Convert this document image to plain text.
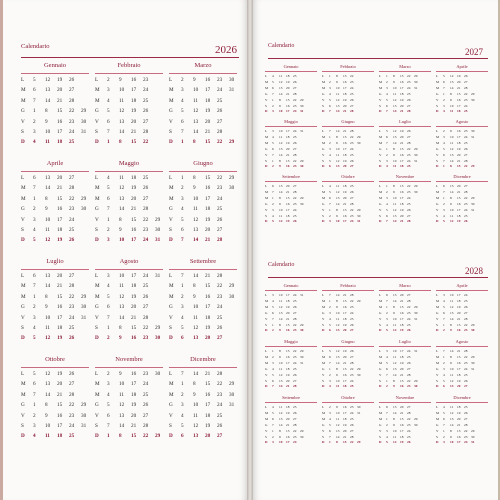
Calendario	2026
Gennaio
L 5 12 19 26
M 6 13 20 27
M 7 14 21 28
G 1 8 15 22 29
V 2 9 16 23 30
S 3 10 17 24 31
D 4 11 18 25
Febbraio
L 2 9 16 23
M 3 10 17 24
M 4 11 18 25
G 5 12 19 26
V 6 13 20 27
S 7 14 21 28
D 1 8 15 22
Marzo
L 2 9 16 23 30
M 3 10 17 24 31
M 4 11 18 25
G 5 12 19 26
V 6 13 20 27
S 7 14 21 28
D 1 8 15 22 29
Aprile
L 6 13 20 27
M 7 14 21 28
M 1 8 15 22 29
G 2 9 16 23 30
V 3 10 17 24
S 4 11 18 25
D 5 12 19 26
Maggio
L 4 11 18 25
M 5 12 19 26
M 6 13 20 27
G 7 14 21 28
V 1 8 15 22 29
S 2 9 16 23 30
D 3 10 17 24 31
Giugno
L 1 8 15 22 29
M 2 9 16 23 30
M 3 10 17 24
G 4 11 18 25
V 5 12 19 26
S 6 13 20 27
D 7 14 21 28
Luglio
L 6 13 20 27
M 7 14 21 28
M 1 8 15 22 29
G 2 9 16 23 30
V 3 10 17 24 31
S 4 11 18 25
D 5 12 19 26
Agosto
L 3 10 17 24 31
M 4 11 18 25
M 5 12 19 26
G 6 13 20 27
V 7 14 21 28
S 1 8 15 22 29
D 2 9 16 23 30
Settembre
L 7 14 21 28
M 1 8 15 22 29
M 2 9 16 23 30
G 3 10 17 24
V 4 11 18 25
S 5 12 19 26
D 6 13 20 27
Ottobre
L 5 12 19 26
M 6 13 20 27
M 7 14 21 28
G 1 8 15 22 29
V 2 9 16 23 30
S 3 10 17 24 31
D 4 11 18 25
Novembre
L 2 9 16 23 30
M 3 10 17 24
M 4 11 18 25
G 5 12 19 26
V 6 13 20 27
S 7 14 21 28
D 1 8 15 22 29
Dicembre
L 7 14 21 28
M 1 8 15 22 29
M 2 9 16 23 30
G 3 10 17 24 31
V 4 11 18 25
S 5 12 19 26
D 6 13 20 27
Calendario
2027
Gennaio
L 4 11 18 25
M 5 12 19 26
M 6 13 20 27
G 7 14 21 28
V 1 8 15 22 29
S 2 9 16 23 30
D 3 10 17 24 31
Febbraio
L 1 8 15 22
M 2 9 16 23
M 3 10 17 24
G 4 11 18 25
V 5 12 19 26
S 6 13 20 27
D 7 14 21 28
Marzo
L 1 8 15 22 29
M 2 9 16 23 30
M 3 10 17 24 31
G 4 11 18 25
V 5 12 19 26
S 6 13 20 27
D 7 14 21 28
Aprile
L 5 12 19 26
M 6 13 20 27
M 7 14 21 28
G 1 8 15 22 29
V 2 9 16 23 30
S 3 10 17 24
D 4 11 18 25
Maggio
L 3 10 17 24 31
M 4 11 18 25
M 5 12 19 26
G 6 13 20 27
V 7 14 21 28
S 1 8 15 22 29
D 2 9 16 23 30
Giugno
L 7 14 21 28
M 1 8 15 22 29
M 2 9 16 23 30
G 3 10 17 24
V 4 11 18 25
S 5 12 19 26
D 6 13 20 27
Luglio
L 5 12 19 26
M 6 13 20 27
M 7 14 21 28
G 1 8 15 22 29
V 2 9 16 23 30
S 3 10 17 24 31
D 4 11 18 25
Agosto
L 2 9 16 23 30
M 3 10 17 24 31
M 4 11 18 25
G 5 12 19 26
V 6 13 20 27
S 7 14 21 28
D 1 8 15 22 29
Settembre
L 6 13 20 27
M 7 14 21 28
M 1 8 15 22 29
G 2 9 16 23 30
V 3 10 17 24
S 4 11 18 25
D 5 12 19 26
Ottobre
L 4 11 18 25
M 5 12 19 26
M 6 13 20 27
G 7 14 21 28
V 1 8 15 22 29
S 2 9 16 23 30
D 3 10 17 24 31
Novembre
L 1 8 15 22 29
M 2 9 16 23 30
M 3 10 17 24
G 4 11 18 25
V 5 12 19 26
S 6 13 20 27
D 7 14 21 28
Dicembre
L 6 13 20 27
M 7 14 21 28
M 1 8 15 22 29
G 2 9 16 23 30
V 3 10 17 24 31
S 4 11 18 25
D 5 12 19 26
Calendario
2028
Gennaio
L 3 10 17 24 31
M 4 11 18 25
M 5 12 19 26
G 6 13 20 27
V 7 14 21 28
S 1 8 15 22 29
D 2 9 16 23 30
Febbraio
L 7 14 21 28
M 1 8 15 22 29
M 2 9 16 23
G 3 10 17 24
V 4 11 18 25
S 5 12 19 26
D 6 13 20 27
Marzo
L 6 13 20 27
M 7 14 21 28
M 1 8 15 22 29
G 2 9 16 23 30
V 3 10 17 24 31
S 4 11 18 25
D 5 12 19 26
Aprile
L 3 10 17 24
M 4 11 18 25
M 5 12 19 26
G 6 13 20 27
V 7 14 21 28
S 1 8 15 22 29
D 2 9 16 23 30
Maggio
L 1 8 15 22 29
M 2 9 16 23 30
M 3 10 17 24 31
G 4 11 18 25
V 5 12 19 26
S 6 13 20 27
D 7 14 21 28
Giugno
L 5 12 19 26
M 6 13 20 27
M 7 14 21 28
G 1 8 15 22 29
V 2 9 16 23 30
S 3 10 17 24
D 4 11 18 25
Luglio
L 3 10 17 24 31
M 4 11 18 25
M 5 12 19 26
G 6 13 20 27
V 7 14 21 28
S 1 8 15 22 29
D 2 9 16 23 30
Agosto
L 7 14 21 28
M 1 8 15 22 29
M 2 9 16 23 30
G 3 10 17 24 31
V 4 11 18 25
S 5 12 19 26
D 6 13 20 27
Settembre
L 4 11 18 25
M 5 12 19 26
M 6 13 20 27
G 7 14 21 28
V 1 8 15 22 29
S 2 9 16 23 30
D 3 10 17 24
Ottobre
L 2 9 16 23 30
M 3 10 17 24 31
M 4 11 18 25
G 5 12 19 26
V 6 13 20 27
S 7 14 21 28
D 1 8 15 22 29
Novembre
L 6 13 20 27
M 7 14 21 28
M 1 8 15 22 29
G 2 9 16 23 30
V 3 10 17 24
S 4 11 18 25
D 5 12 19 26
Dicembre
L 4 11 18 25
M 5 12 19 26
M 6 13 20 27
G 7 14 21 28
V 1 8 15 22 29
S 2 9 16 23 30
D 3 10 17 24 31
